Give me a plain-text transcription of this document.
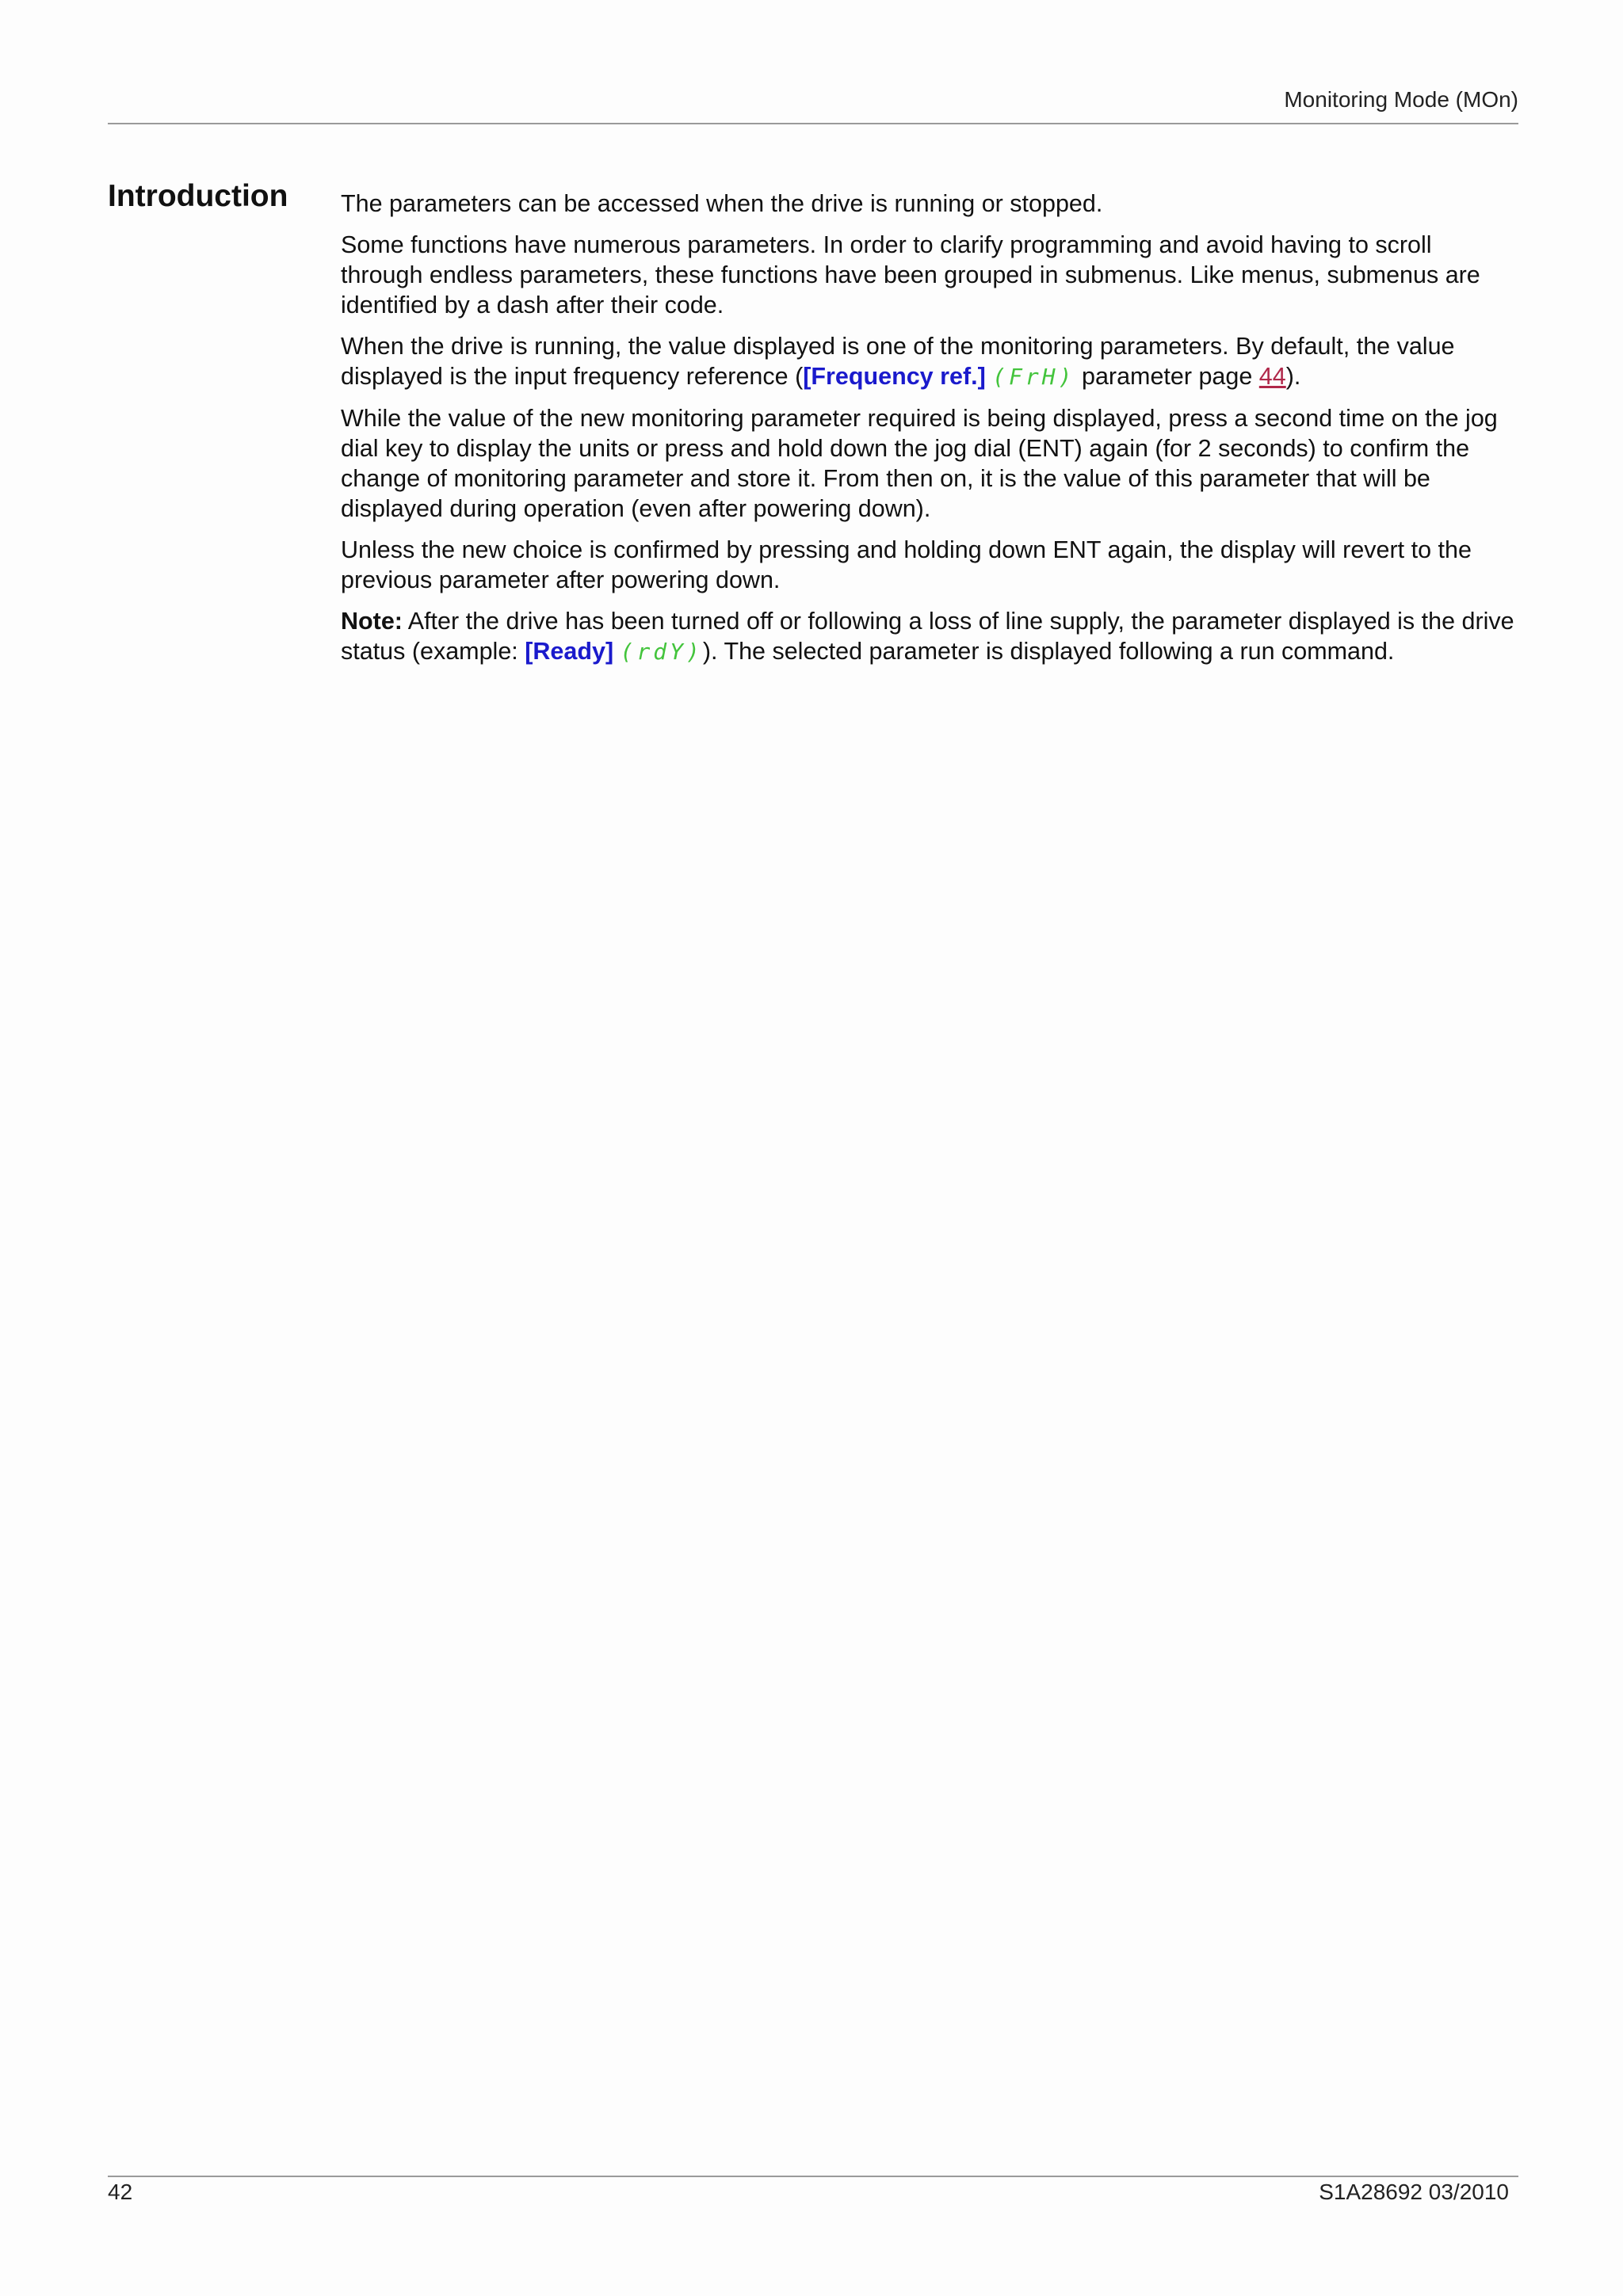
Monitoring Mode (MOn)
Introduction The parameters can be accessed when the drive is running or stopped.

Some functions have numerous parameters. In order to clarify programming and avoid having to scroll through endless parameters, these functions have been grouped in submenus. Like menus, submenus are identified by a dash after their code.

When the drive is running, the value displayed is one of the monitoring parameters. By default, the value displayed is the input frequency reference ([Frequency ref.] (FrH) parameter page 44).

While the value of the new monitoring parameter required is being displayed, press a second time on the jog dial key to display the units or press and hold down the jog dial (ENT) again (for 2 seconds) to confirm the change of monitoring parameter and store it. From then on, it is the value of this parameter that will be displayed during operation (even after powering down).

Unless the new choice is confirmed by pressing and holding down ENT again, the display will revert to the previous parameter after powering down.

Note: After the drive has been turned off or following a loss of line supply, the parameter displayed is the drive status (example: [Ready] (rdY)). The selected parameter is displayed following a run command.

42	S1A28692 03/2010
